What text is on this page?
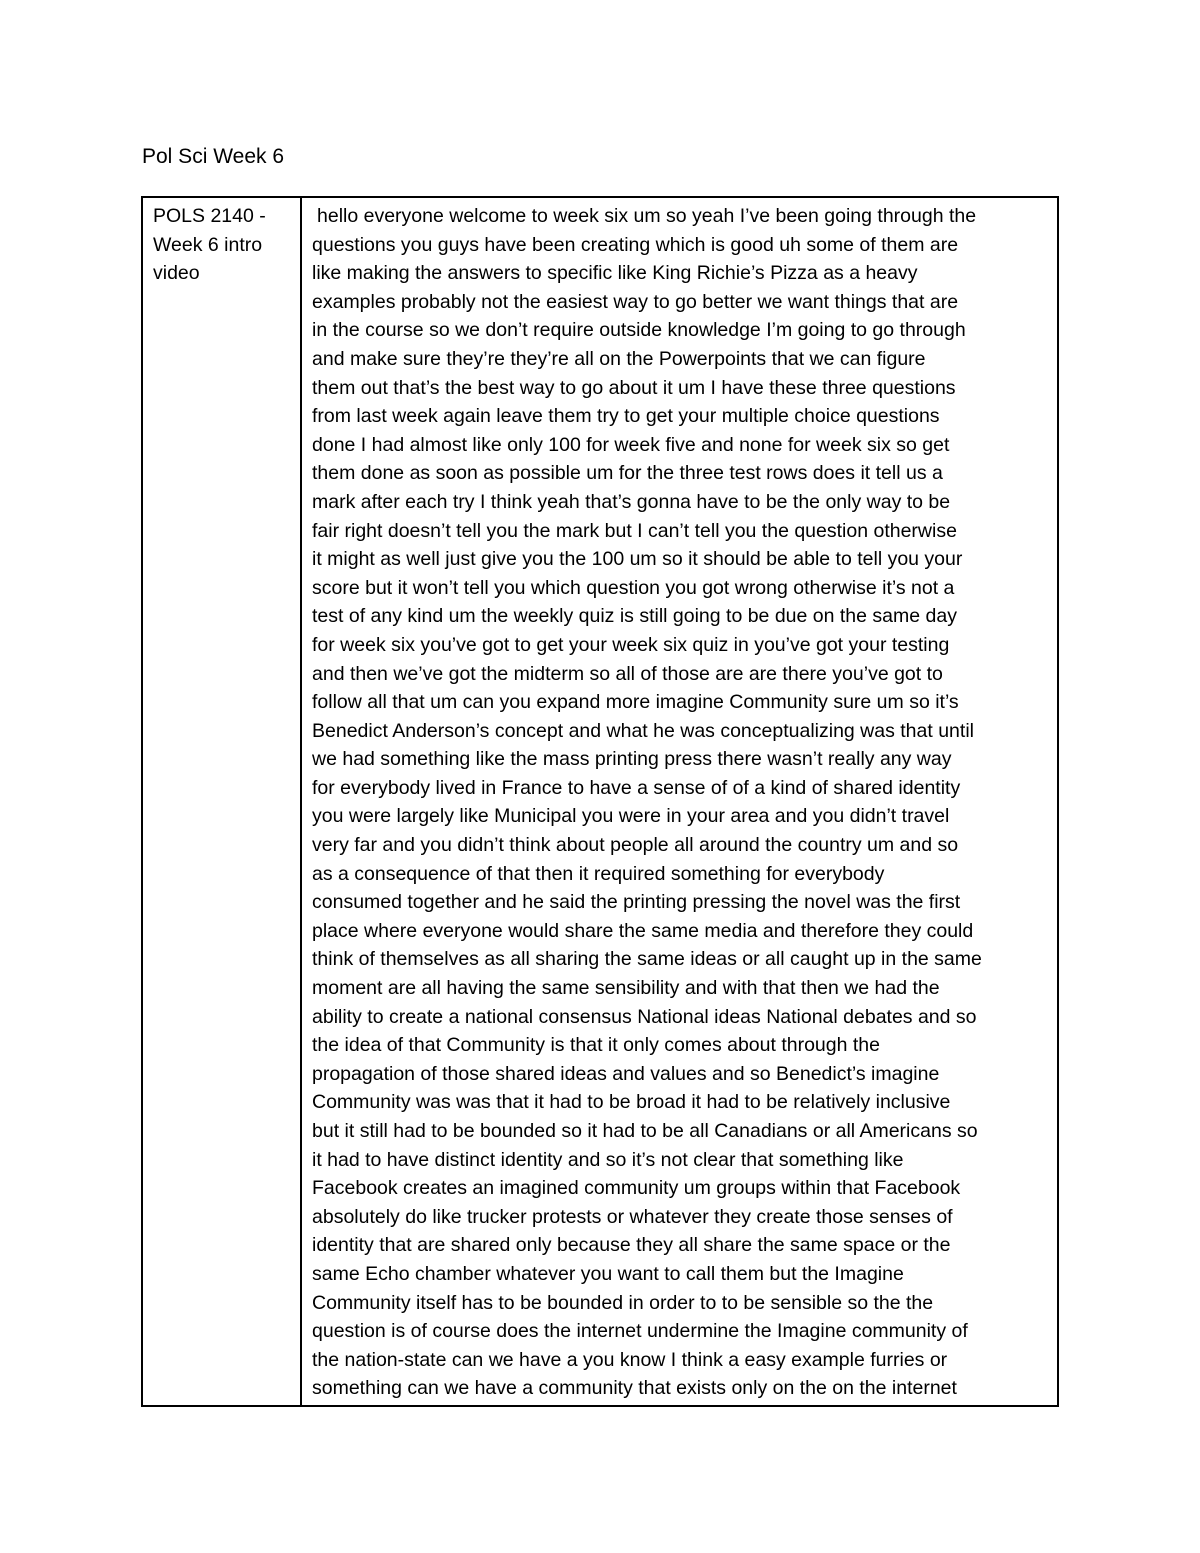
Pol Sci Week 6
POLS 2140 -
Week 6 intro
video
hello everyone welcome to week six um so yeah I’ve been going through the
questions you guys have been creating which is good uh some of them are
like making the answers to specific like King Richie’s Pizza as a heavy
examples probably not the easiest way to go better we want things that are
in the course so we don’t require outside knowledge I’m going to go through
and make sure they’re they’re all on the Powerpoints that we can figure
them out that’s the best way to go about it um I have these three questions
from last week again leave them try to get your multiple choice questions
done I had almost like only 100 for week five and none for week six so get
them done as soon as possible um for the three test rows does it tell us a
mark after each try I think yeah that’s gonna have to be the only way to be
fair right doesn’t tell you the mark but I can’t tell you the question otherwise
it might as well just give you the 100 um so it should be able to tell you your
score but it won’t tell you which question you got wrong otherwise it’s not a
test of any kind um the weekly quiz is still going to be due on the same day
for week six you’ve got to get your week six quiz in you’ve got your testing
and then we’ve got the midterm so all of those are are there you’ve got to
follow all that um can you expand more imagine Community sure um so it’s
Benedict Anderson’s concept and what he was conceptualizing was that until
we had something like the mass printing press there wasn’t really any way
for everybody lived in France to have a sense of of a kind of shared identity
you were largely like Municipal you were in your area and you didn’t travel
very far and you didn’t think about people all around the country um and so
as a consequence of that then it required something for everybody
consumed together and he said the printing pressing the novel was the first
place where everyone would share the same media and therefore they could
think of themselves as all sharing the same ideas or all caught up in the same
moment are all having the same sensibility and with that then we had the
ability to create a national consensus National ideas National debates and so
the idea of that Community is that it only comes about through the
propagation of those shared ideas and values and so Benedict’s imagine
Community was was that it had to be broad it had to be relatively inclusive
but it still had to be bounded so it had to be all Canadians or all Americans so
it had to have distinct identity and so it’s not clear that something like
Facebook creates an imagined community um groups within that Facebook
absolutely do like trucker protests or whatever they create those senses of
identity that are shared only because they all share the same space or the
same Echo chamber whatever you want to call them but the Imagine
Community itself has to be bounded in order to to be sensible so the the
question is of course does the internet undermine the Imagine community of
the nation-state can we have a you know I think a easy example furries or
something can we have a community that exists only on the on the internet
